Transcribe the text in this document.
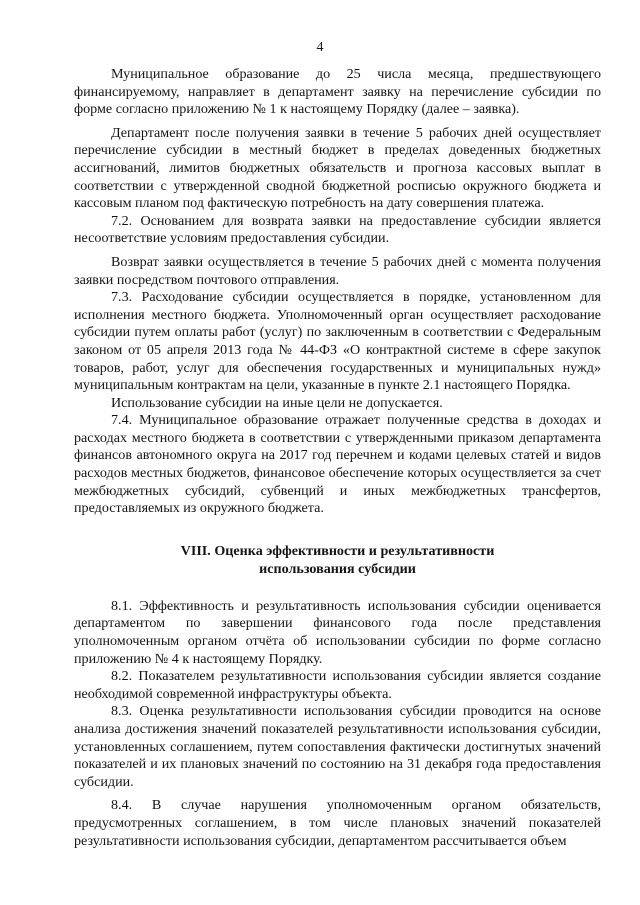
4

Муниципальное образование до 25 числа месяца, предшествующего финансируемому, направляет в департамент заявку на перечисление субсидии по форме согласно приложению № 1 к настоящему Порядку (далее – заявка).

Департамент после получения заявки в течение 5 рабочих дней осуществляет перечисление субсидии в местный бюджет в пределах доведенных бюджетных ассигнований, лимитов бюджетных обязательств и прогноза кассовых выплат в соответствии с утвержденной сводной бюджетной росписью окружного бюджета и кассовым планом под фактическую потребность на дату совершения платежа.

7.2. Основанием для возврата заявки на предоставление субсидии является несоответствие условиям предоставления субсидии.

Возврат заявки осуществляется в течение 5 рабочих дней с момента получения заявки посредством почтового отправления.

7.3. Расходование субсидии осуществляется в порядке, установленном для исполнения местного бюджета. Уполномоченный орган осуществляет расходование субсидии путем оплаты работ (услуг) по заключенным в соответствии с Федеральным законом от 05 апреля 2013 года № 44-ФЗ «О контрактной системе в сфере закупок товаров, работ, услуг для обеспечения государственных и муниципальных нужд» муниципальным контрактам на цели, указанные в пункте 2.1 настоящего Порядка.

Использование субсидии на иные цели не допускается.

7.4. Муниципальное образование отражает полученные средства в доходах и расходах местного бюджета в соответствии с утвержденными приказом департамента финансов автономного округа на 2017 год перечнем и кодами целевых статей и видов расходов местных бюджетов, финансовое обеспечение которых осуществляется за счет межбюджетных субсидий, субвенций и иных межбюджетных трансфертов, предоставляемых из окружного бюджета.

VIII. Оценка эффективности и результативности
использования субсидии

8.1. Эффективность и результативность использования субсидии оценивается департаментом по завершении финансового года после представления уполномоченным органом отчёта об использовании субсидии по форме согласно приложению № 4 к настоящему Порядку.

8.2. Показателем результативности использования субсидии является создание необходимой современной инфраструктуры объекта.

8.3. Оценка результативности использования субсидии проводится на основе анализа достижения значений показателей результативности использования субсидии, установленных соглашением, путем сопоставления фактически достигнутых значений показателей и их плановых значений по состоянию на 31 декабря года предоставления субсидии.

8.4. В случае нарушения уполномоченным органом обязательств, предусмотренных соглашением, в том числе плановых значений показателей результативности использования субсидии, департаментом рассчитывается объем
